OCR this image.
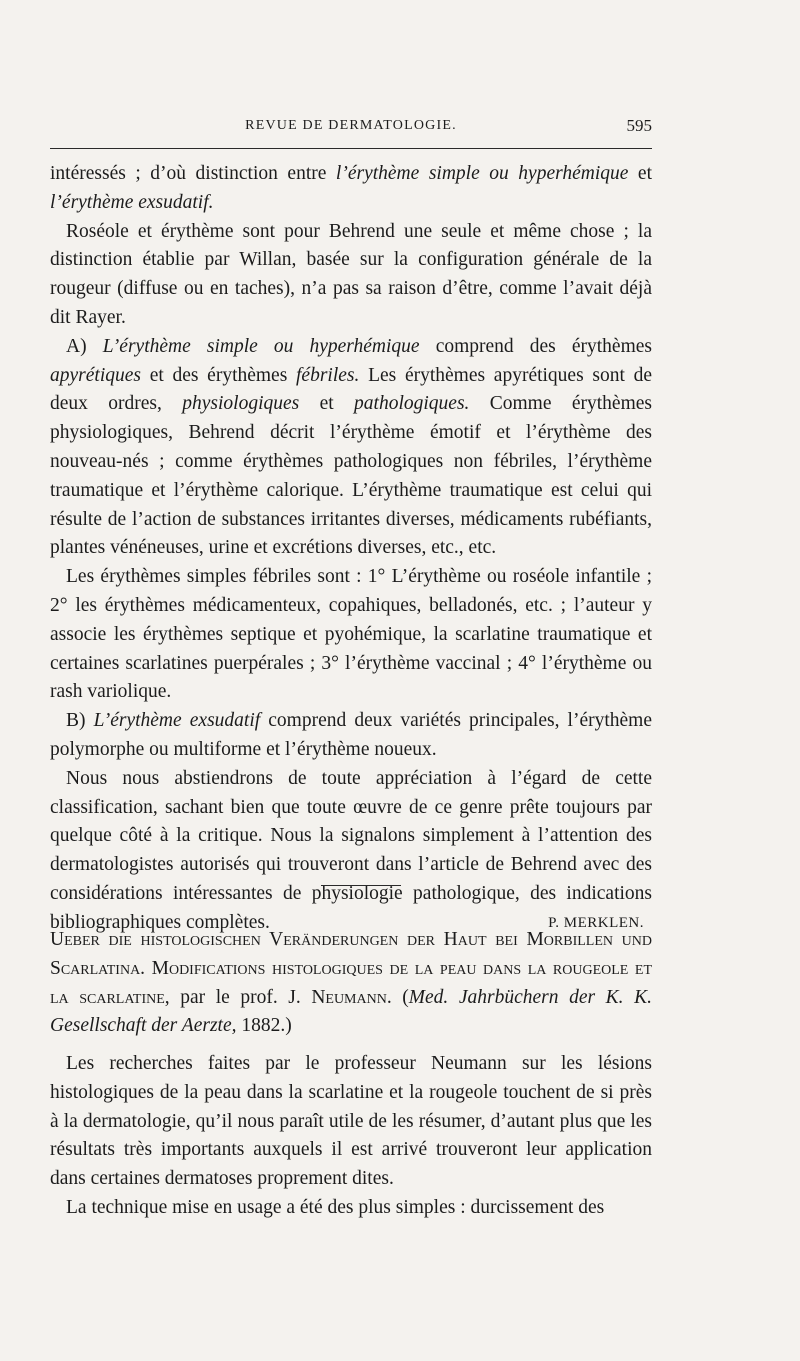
REVUE DE DERMATOLOGIE.	595

intéressés ; d’où distinction entre l’érythème simple ou hyperhémique et l’érythème exsudatif.

Roséole et érythème sont pour Behrend une seule et même chose ; la distinction établie par Willan, basée sur la configuration générale de la rougeur (diffuse ou en taches), n’a pas sa raison d’être, comme l’avait déjà dit Rayer.

A) L’érythème simple ou hyperhémique comprend des érythèmes apyrétiques et des érythèmes fébriles. Les érythèmes apyrétiques sont de deux ordres, physiologiques et pathologiques. Comme érythèmes physiologiques, Behrend décrit l’érythème émotif et l’érythème des nouveau-nés ; comme érythèmes pathologiques non fébriles, l’érythème traumatique et l’érythème calorique. L’érythème traumatique est celui qui résulte de l’action de substances irritantes diverses, médicaments rubéfiants, plantes vénéneuses, urine et excrétions diverses, etc., etc.

Les érythèmes simples fébriles sont : 1° L’érythème ou roséole infantile ; 2° les érythèmes médicamenteux, copahiques, belladonés, etc. ; l’auteur y associe les érythèmes septique et pyohémique, la scarlatine traumatique et certaines scarlatines puerpérales ; 3° l’érythème vaccinal ; 4° l’érythème ou rash variolique.

B) L’érythème exsudatif comprend deux variétés principales, l’érythème polymorphe ou multiforme et l’érythème noueux.

Nous nous abstiendrons de toute appréciation à l’égard de cette classification, sachant bien que toute œuvre de ce genre prête toujours par quelque côté à la critique. Nous la signalons simplement à l’attention des dermatologistes autorisés qui trouveront dans l’article de Behrend avec des considérations intéressantes de physiologie pathologique, des indications bibliographiques complètes.	P. MERKLEN.

Ueber die histologischen Veränderungen der Haut bei Morbillen und Scarlatina. Modifications histologiques de la peau dans la rougeole et la scarlatine, par le prof. J. Neumann. (Med. Jahrbüchern der K. K. Gesellschaft der Aerzte, 1882.)

Les recherches faites par le professeur Neumann sur les lésions histologiques de la peau dans la scarlatine et la rougeole touchent de si près à la dermatologie, qu’il nous paraît utile de les résumer, d’autant plus que les résultats très importants auxquels il est arrivé trouveront leur application dans certaines dermatoses proprement dites.

La technique mise en usage a été des plus simples : durcissement des
